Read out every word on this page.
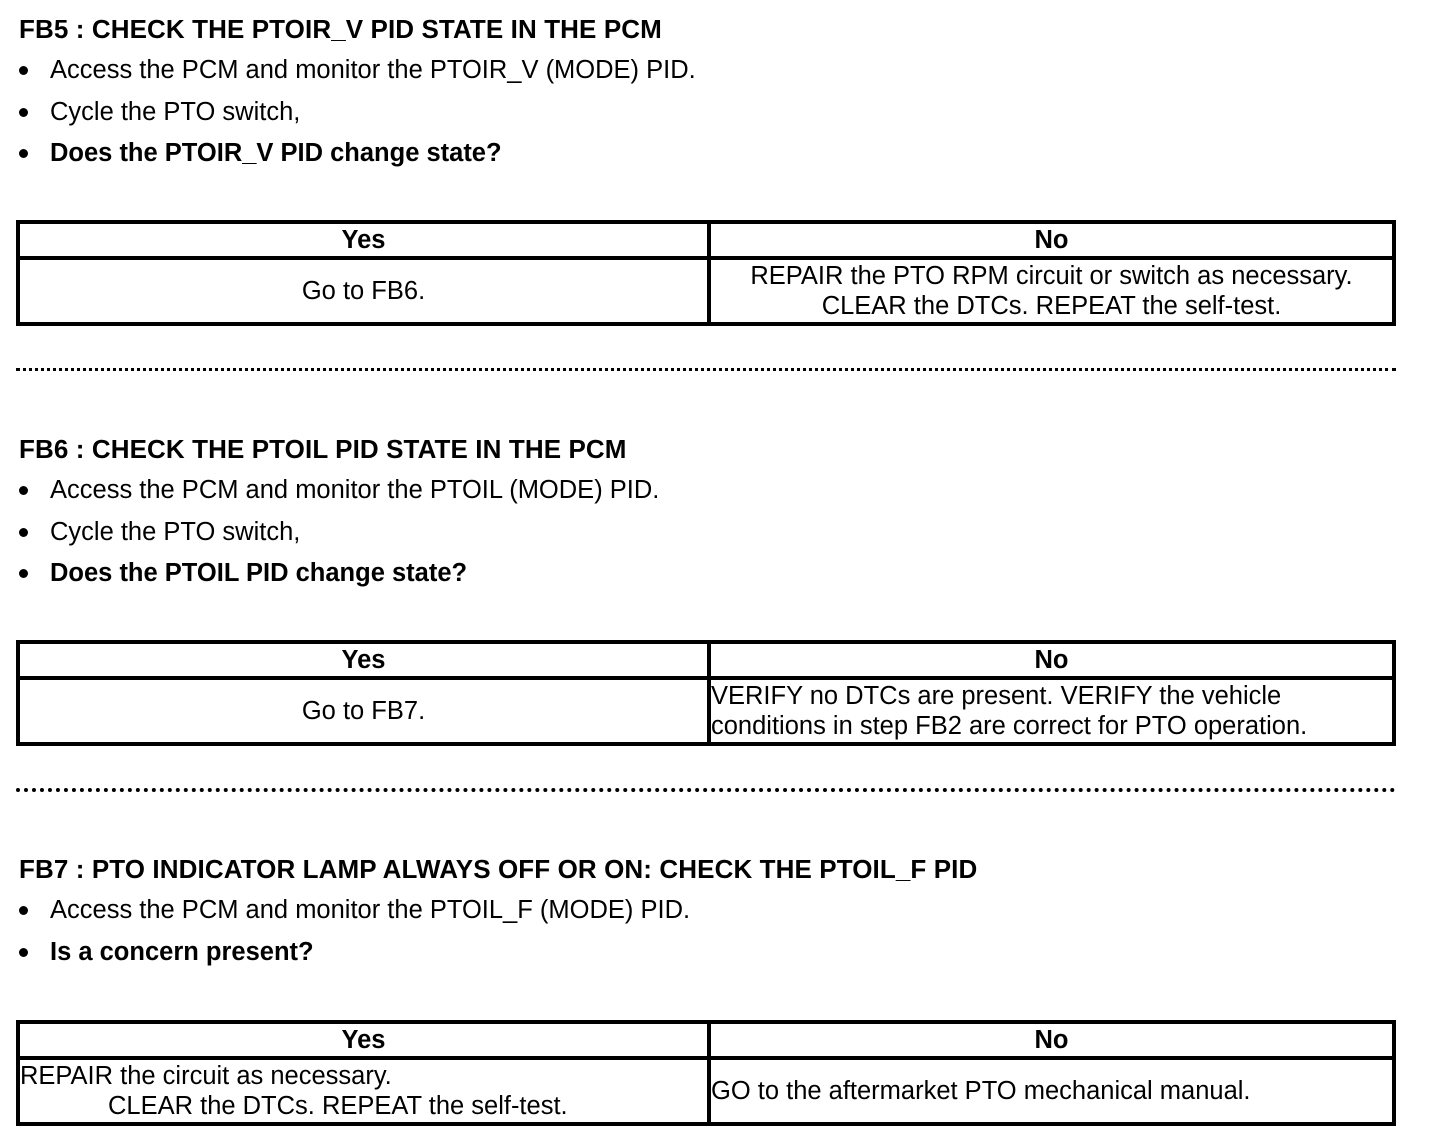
FB5 : CHECK THE PTOIR_V PID STATE IN THE PCM
Access the PCM and monitor the PTOIR_V (MODE) PID.
Cycle the PTO switch,
Does the PTOIR_V PID change state?
Yes	No
Go to FB6.	REPAIR the PTO RPM circuit or switch as necessary.
CLEAR the DTCs. REPEAT the self-test.
FB6 : CHECK THE PTOIL PID STATE IN THE PCM
Access the PCM and monitor the PTOIL (MODE) PID.
Cycle the PTO switch,
Does the PTOIL PID change state?
Yes	No
Go to FB7.	VERIFY no DTCs are present. VERIFY the vehicle
conditions in step FB2 are correct for PTO operation.
FB7 : PTO INDICATOR LAMP ALWAYS OFF OR ON: CHECK THE PTOIL_F PID
Access the PCM and monitor the PTOIL_F (MODE) PID.
Is a concern present?
Yes	No
REPAIR the circuit as necessary.
CLEAR the DTCs. REPEAT the self-test.	GO to the aftermarket PTO mechanical manual.
